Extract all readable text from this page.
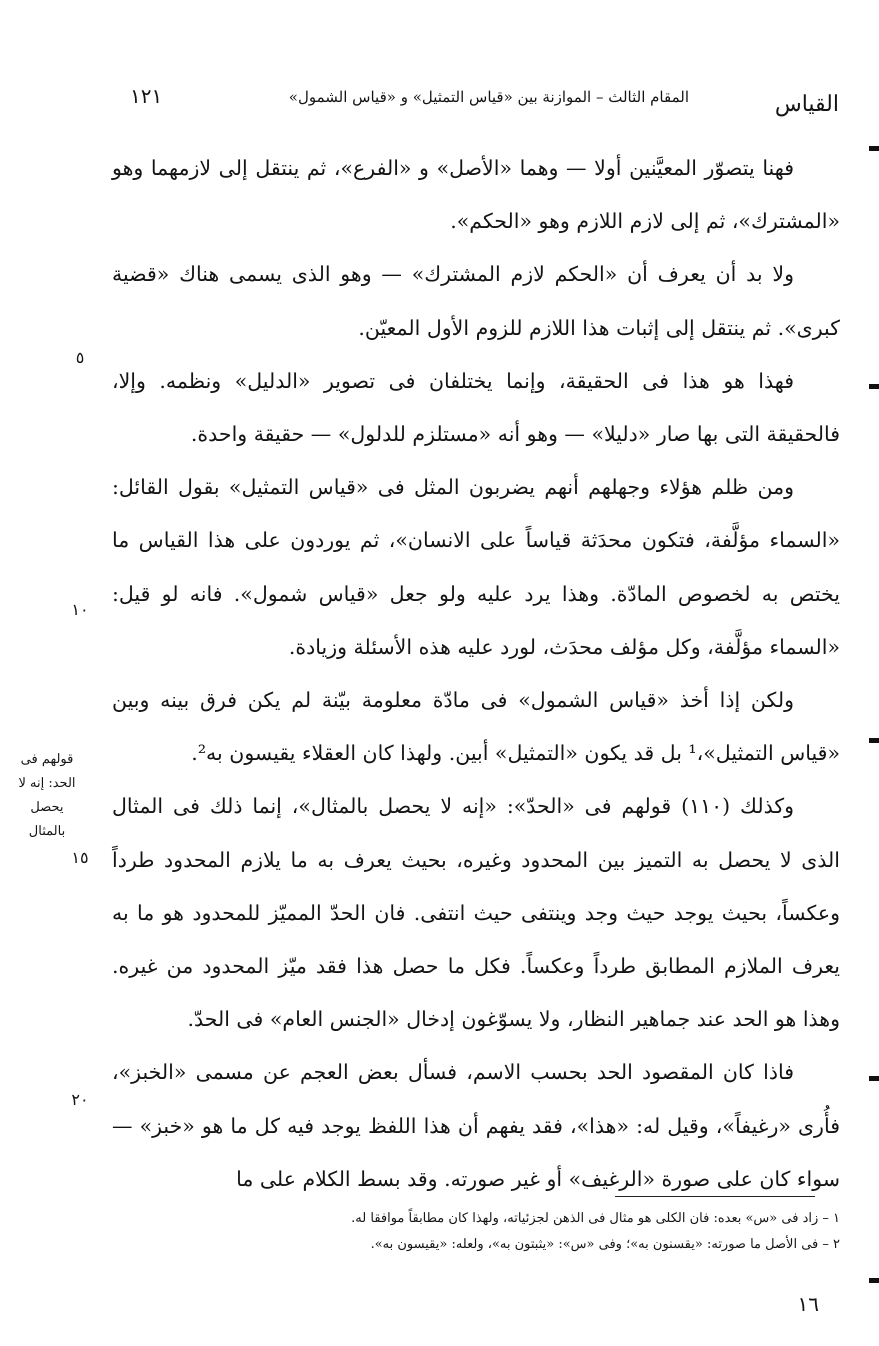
القياس
المقام الثالث – الموازنة بين «قياس التمثيل» و «قياس الشمول»
١٢١

فهنا يتصوّر المعيَّنين أولا — وهما «الأصل» و «الفرع»، ثم ينتقل إلى لازمهما وهو «المشترك»، ثم إلى لازم اللازم وهو «الحكم».

ولا بد أن يعرف أن «الحكم لازم المشترك» — وهو الذى يسمى هناك «قضية كبرى». ثم ينتقل إلى إثبات هذا اللازم للزوم الأول المعيّن.

فهذا هو هذا فى الحقيقة، وإنما يختلفان فى تصوير «الدليل» ونظمه. وإلا، فالحقيقة التى بها صار «دليلا» — وهو أنه «مستلزم للدلول» — حقيقة واحدة.

ومن ظلم هؤلاء وجهلهم أنهم يضربون المثل فى «قياس التمثيل» بقول القائل: «السماء مؤلَّفة، فتكون محدَثة قياساً على الانسان»، ثم يوردون على هذا القياس ما يختص به لخصوص المادّة. وهذا يرد عليه ولو جعل «قياس شمول». فانه لو قيل: «السماء مؤلَّفة، وكل مؤلف محدَث، لورد عليه هذه الأسئلة وزيادة.

ولكن إذا أخذ «قياس الشمول» فى مادّة معلومة بيّنة لم يكن فرق بينه وبين «قياس التمثيل»،¹ بل قد يكون «التمثيل» أبين. ولهذا كان العقلاء يقيسون به².

وكذلك (١١٠) قولهم فى «الحدّ»: «إنه لا يحصل بالمثال»، إنما ذلك فى المثال الذى لا يحصل به التميز بين المحدود وغيره، بحيث يعرف به ما يلازم المحدود طرداً وعكساً، بحيث يوجد حيث وجد وينتفى حيث انتفى. فان الحدّ المميّز للمحدود هو ما به يعرف الملازم المطابق طرداً وعكساً. فكل ما حصل هذا فقد ميّز المحدود من غيره. وهذا هو الحد عند جماهير النظار، ولا يسوّغون إدخال «الجنس العام» فى الحدّ.

فاذا كان المقصود الحد بحسب الاسم، فسأل بعض العجم عن مسمى «الخبز»، فأُرى «رغيفاً»، وقيل له: «هذا»، فقد يفهم أن هذا اللفظ يوجد فيه كل ما هو «خبز» — سواء كان على صورة «الرغيف» أو غير صورته. وقد بسط الكلام على ما

٥
١٠
١٥
٢٠
قولهم فى الحد: إنه لا يحصل بالمثال
١ – زاد فى «س» بعده: فان الكلى هو مثال فى الذهن لجزئياته، ولهذا كان مطابقاً موافقا له.
٢ – فى الأصل ما صورته: «يقسنون به»؛ وفى «س»: «يثبتون به»، ولعله: «يقيسون به».
١٦
